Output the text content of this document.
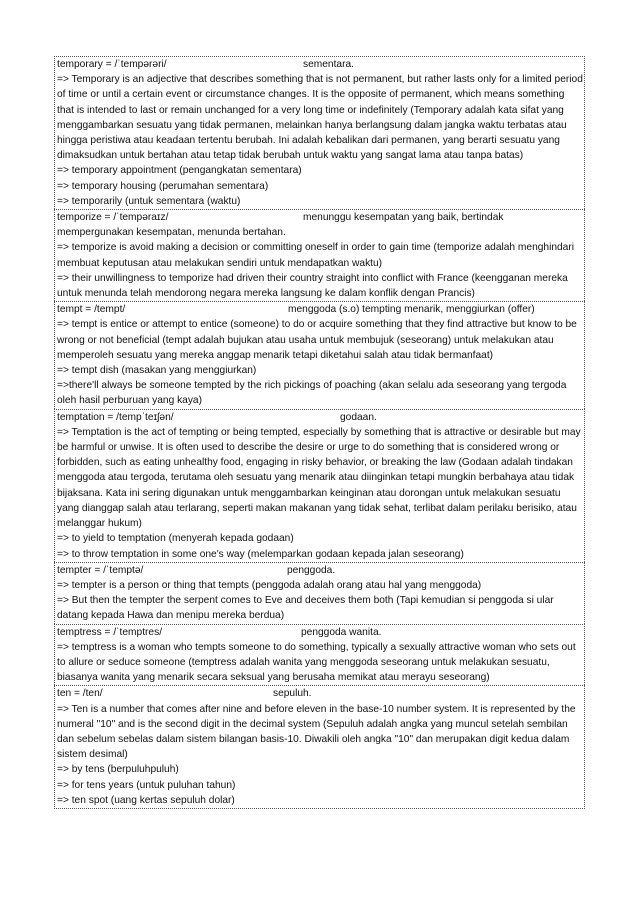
temporary = /ˈtempərəri/	sementara.

=> Temporary is an adjective that describes something that is not permanent, but rather lasts only for a limited period of time or until a certain event or circumstance changes. It is the opposite of permanent, which means something that is intended to last or remain unchanged for a very long time or indefinitely (Temporary adalah kata sifat yang menggambarkan sesuatu yang tidak permanen, melainkan hanya berlangsung dalam jangka waktu terbatas atau hingga peristiwa atau keadaan tertentu berubah. Ini adalah kebalikan dari permanen, yang berarti sesuatu yang dimaksudkan untuk bertahan atau tetap tidak berubah untuk waktu yang sangat lama atau tanpa batas)

=> temporary appointment (pengangkatan sementara)

=> temporary housing (perumahan sementara)

=> temporarily (untuk sementara (waktu)

temporize = /ˈtempəraɪz/	menunggu kesempatan yang baik, bertindak

mempergunakan kesempatan, menunda bertahan.

=> temporize is avoid making a decision or committing oneself in order to gain time (temporize adalah menghindari membuat keputusan atau melakukan sendiri untuk mendapatkan waktu)

=> their unwillingness to temporize had driven their country straight into conflict with France (keengganan mereka untuk menunda telah mendorong negara mereka langsung ke dalam konflik dengan Prancis)

tempt = /tempt/	menggoda (s.o) tempting menarik, menggiurkan (offer)

=> tempt is entice or attempt to entice (someone) to do or acquire something that they find attractive but know to be wrong or not beneficial (tempt adalah bujukan atau usaha untuk membujuk (seseorang) untuk melakukan atau memperoleh sesuatu yang mereka anggap menarik tetapi diketahui salah atau tidak bermanfaat)

=> tempt dish (masakan yang menggiurkan)

=>there'll always be someone tempted by the rich pickings of poaching (akan selalu ada seseorang yang tergoda oleh hasil perburuan yang kaya)

temptation = /tempˈteɪʃən/	godaan.

=> Temptation is the act of tempting or being tempted, especially by something that is attractive or desirable but may be harmful or unwise. It is often used to describe the desire or urge to do something that is considered wrong or forbidden, such as eating unhealthy food, engaging in risky behavior, or breaking the law (Godaan adalah tindakan menggoda atau tergoda, terutama oleh sesuatu yang menarik atau diinginkan tetapi mungkin berbahaya atau tidak bijaksana. Kata ini sering digunakan untuk menggambarkan keinginan atau dorongan untuk melakukan sesuatu yang dianggap salah atau terlarang, seperti makan makanan yang tidak sehat, terlibat dalam perilaku berisiko, atau melanggar hukum)

=> to yield to temptation (menyerah kepada godaan)

=> to throw temptation in some one's way (melemparkan godaan kepada jalan seseorang)

tempter = /ˈtemptə/	penggoda.

=> tempter is a person or thing that tempts (penggoda adalah orang atau hal yang menggoda)

=> But then the tempter the serpent comes to Eve and deceives them both (Tapi kemudian si penggoda si ular datang kepada Hawa dan menipu mereka berdua)

temptress = /ˈtemptres/	penggoda wanita.

=> temptress is a woman who tempts someone to do something, typically a sexually attractive woman who sets out to allure or seduce someone (temptress adalah wanita yang menggoda seseorang untuk melakukan sesuatu, biasanya wanita yang menarik secara seksual yang berusaha memikat atau merayu seseorang)

ten = /ten/	sepuluh.

=> Ten is a number that comes after nine and before eleven in the base-10 number system. It is represented by the numeral "10" and is the second digit in the decimal system (Sepuluh adalah angka yang muncul setelah sembilan dan sebelum sebelas dalam sistem bilangan basis-10. Diwakili oleh angka "10" dan merupakan digit kedua dalam sistem desimal)

=> by tens (berpuluhpuluh)

=> for tens years (untuk puluhan tahun)

=> ten spot (uang kertas sepuluh dolar)
